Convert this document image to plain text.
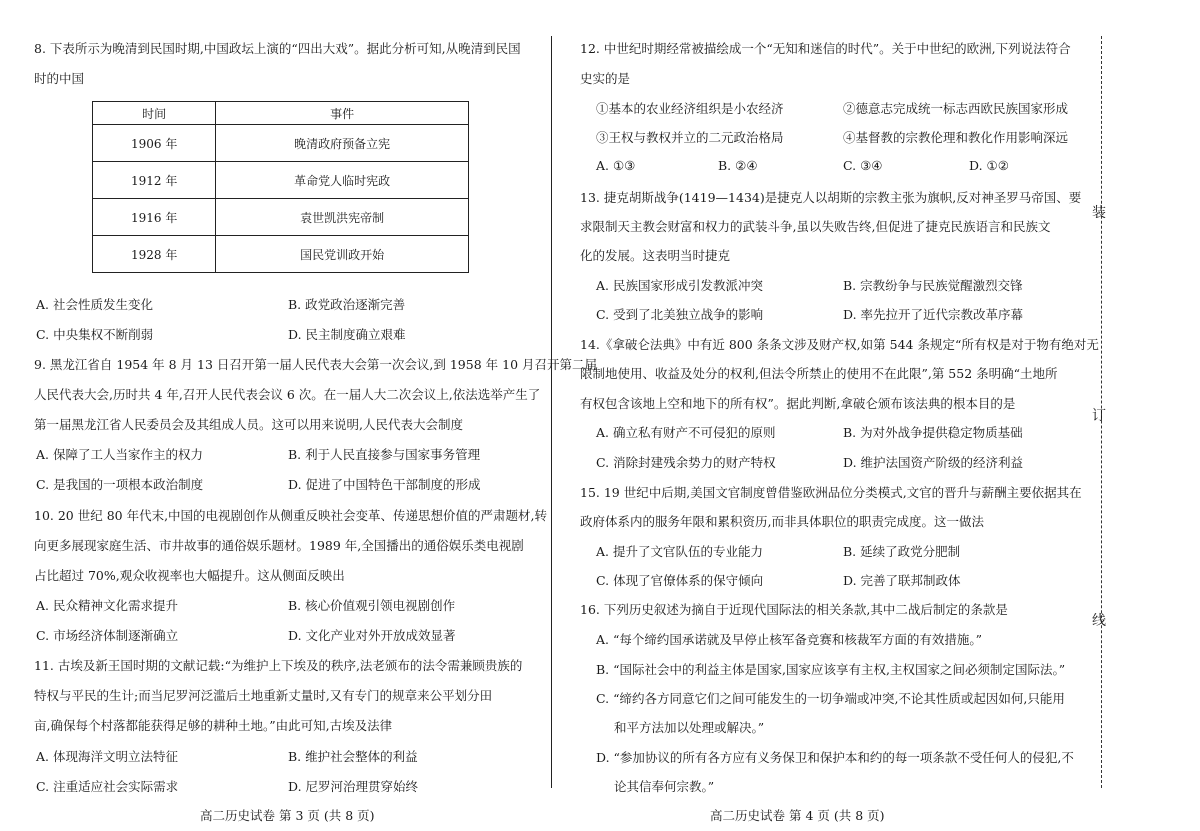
装
订
线
8. 下表所示为晚清到民国时期,中国政坛上演的“四出大戏”。据此分析可知,从晚清到民国
时的中国
时间	事件
1906 年	晚清政府预备立宪
1912 年	革命党人临时宪政
1916 年	袁世凯洪宪帝制
1928 年	国民党训政开始
A. 社会性质发生变化	B. 政党政治逐渐完善
C. 中央集权不断削弱	D. 民主制度确立艰难
9. 黑龙江省自 1954 年 8 月 13 日召开第一届人民代表大会第一次会议,到 1958 年 10 月召开第二届
人民代表大会,历时共 4 年,召开人民代表会议 6 次。在一届人大二次会议上,依法选举产生了
第一届黑龙江省人民委员会及其组成人员。这可以用来说明,人民代表大会制度
A. 保障了工人当家作主的权力	B. 利于人民直接参与国家事务管理
C. 是我国的一项根本政治制度	D. 促进了中国特色干部制度的形成
10. 20 世纪 80 年代末,中国的电视剧创作从侧重反映社会变革、传递思想价值的严肃题材,转
向更多展现家庭生活、市井故事的通俗娱乐题材。1989 年,全国播出的通俗娱乐类电视剧
占比超过 70%,观众收视率也大幅提升。这从侧面反映出
A. 民众精神文化需求提升	B. 核心价值观引领电视剧创作
C. 市场经济体制逐渐确立	D. 文化产业对外开放成效显著
11. 古埃及新王国时期的文献记载:“为维护上下埃及的秩序,法老颁布的法令需兼顾贵族的
特权与平民的生计;而当尼罗河泛滥后土地重新丈量时,又有专门的规章来公平划分田
亩,确保每个村落都能获得足够的耕种土地。”由此可知,古埃及法律
A. 体现海洋文明立法特征	B. 维护社会整体的利益
C. 注重适应社会实际需求	D. 尼罗河治理贯穿始终
高二历史试卷 第 3 页 (共 8 页)
12. 中世纪时期经常被描绘成一个“无知和迷信的时代”。关于中世纪的欧洲,下列说法符合
史实的是
①基本的农业经济组织是小农经济	②德意志完成统一标志西欧民族国家形成
③王权与教权并立的二元政治格局	④基督教的宗教伦理和教化作用影响深远
A. ①③	B. ②④	C. ③④	D. ①②
13. 捷克胡斯战争(1419—1434)是捷克人以胡斯的宗教主张为旗帜,反对神圣罗马帝国、要
求限制天主教会财富和权力的武装斗争,虽以失败告终,但促进了捷克民族语言和民族文
化的发展。这表明当时捷克
A. 民族国家形成引发教派冲突	B. 宗教纷争与民族觉醒激烈交锋
C. 受到了北美独立战争的影响	D. 率先拉开了近代宗教改革序幕
14.《拿破仑法典》中有近 800 条条文涉及财产权,如第 544 条规定“所有权是对于物有绝对无
限制地使用、收益及处分的权利,但法令所禁止的使用不在此限”,第 552 条明确“土地所
有权包含该地上空和地下的所有权”。据此判断,拿破仑颁布该法典的根本目的是
A. 确立私有财产不可侵犯的原则	B. 为对外战争提供稳定物质基础
C. 消除封建残余势力的财产特权	D. 维护法国资产阶级的经济利益
15. 19 世纪中后期,美国文官制度曾借鉴欧洲品位分类模式,文官的晋升与薪酬主要依据其在
政府体系内的服务年限和累积资历,而非具体职位的职责完成度。这一做法
A. 提升了文官队伍的专业能力	B. 延续了政党分肥制
C. 体现了官僚体系的保守倾向	D. 完善了联邦制政体
16. 下列历史叙述为摘自于近现代国际法的相关条款,其中二战后制定的条款是
A. “每个缔约国承诺就及早停止核军备竞赛和核裁军方面的有效措施。”
B. “国际社会中的利益主体是国家,国家应该享有主权,主权国家之间必须制定国际法。”
C. “缔约各方同意它们之间可能发生的一切争端或冲突,不论其性质或起因如何,只能用
和平方法加以处理或解决。”
D. “参加协议的所有各方应有义务保卫和保护本和约的每一项条款不受任何人的侵犯,不
论其信奉何宗教。”
高二历史试卷 第 4 页 (共 8 页)
